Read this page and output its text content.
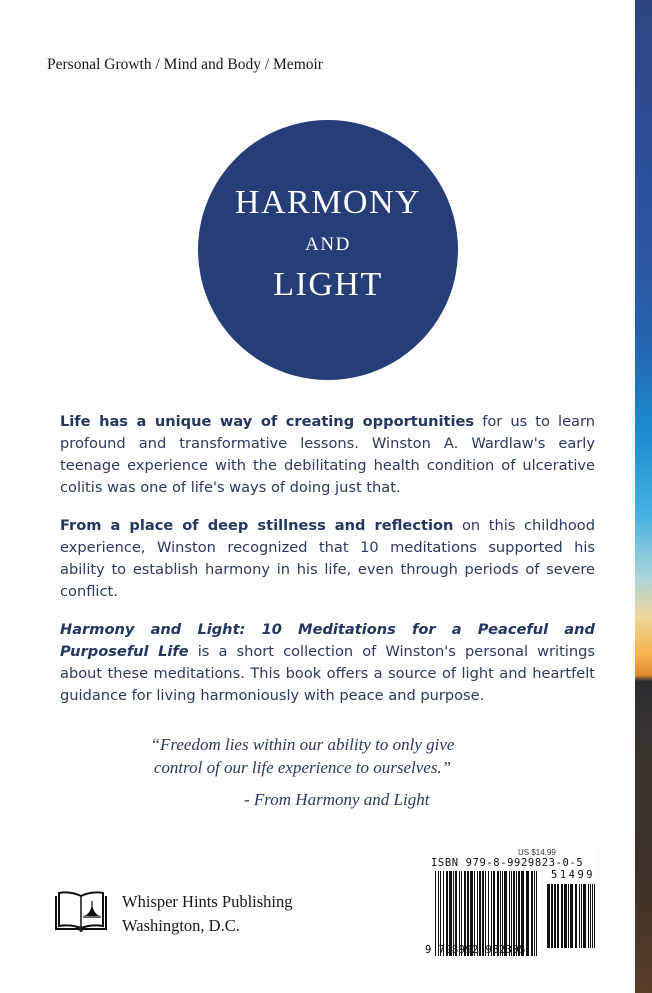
Personal Growth / Mind and Body / Memoir
HARMONY
AND
LIGHT

Life has a unique way of creating opportunities for us to learn profound and transformative lessons. Winston A. Wardlaw's early teenage experience with the debilitating health condition of ulcerative colitis was one of life's ways of doing just that.

From a place of deep stillness and reflection on this childhood experience, Winston recognized that 10 meditations supported his ability to establish harmony in his life, even through periods of severe conflict.

Harmony and Light: 10 Meditations for a Peaceful and Purposeful Life is a short collection of Winston's personal writings about these meditations. This book offers a source of light and heartfelt guidance for living harmoniously with peace and purpose.

“Freedom lies within our ability to only give
control of our life experience to ourselves.”
- From Harmony and Light
Whisper Hints Publishing
Washington, D.C.
US $14.99
ISBN 979-8-9929823-0-5
51499
9 798992 982305
